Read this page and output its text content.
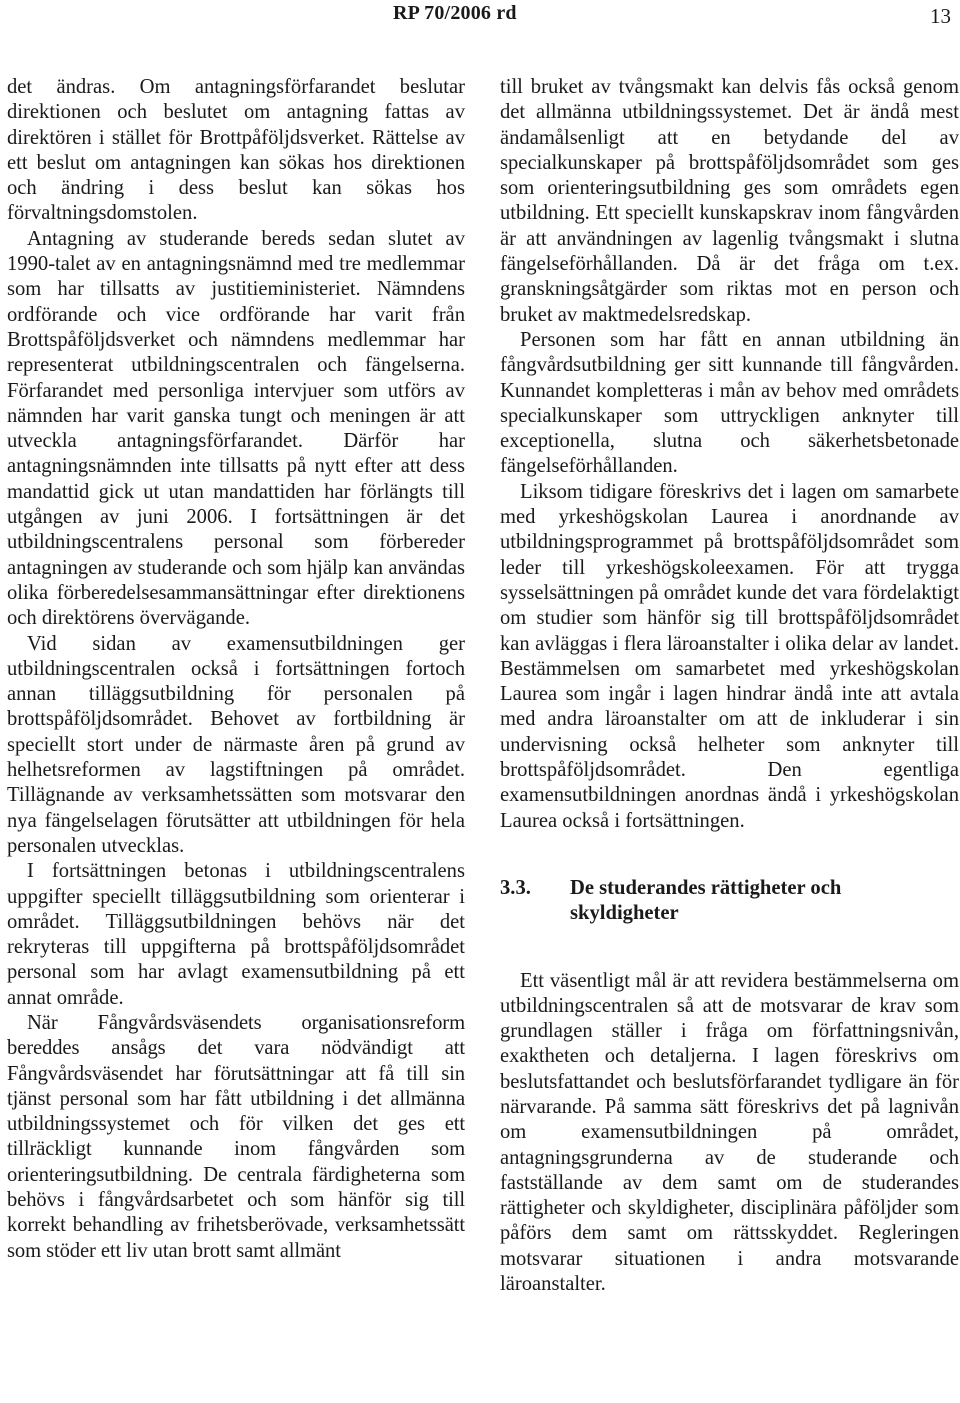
RP 70/2006 rd	13

det ändras. Om antagningsförfarandet beslutar direktionen och beslutet om antagning fattas av direktören i stället för Brottpåföljdsverket. Rättelse av ett beslut om antagningen kan sökas hos direktionen och ändring i dess beslut kan sökas hos förvaltningsdomstolen.

Antagning av studerande bereds sedan slutet av 1990-talet av en antagningsnämnd med tre medlemmar som har tillsatts av justitieministeriet. Nämndens ordförande och vice ordförande har varit från Brottspåföljdsverket och nämndens medlemmar har representerat utbildningscentralen och fängelserna. Förfarandet med personliga intervjuer som utförs av nämnden har varit ganska tungt och meningen är att utveckla antagningsförfarandet. Därför har antagningsnämnden inte tillsatts på nytt efter att dess mandattid gick ut utan mandattiden har förlängts till utgången av juni 2006. I fortsättningen är det utbildningscentralens personal som förbereder antagningen av studerande och som hjälp kan användas olika förberedelsesammansättningar efter direktionens och direktörens övervägande.

Vid sidan av examensutbildningen ger utbildningscentralen också i fortsättningen fortoch annan tilläggsutbildning för personalen på brottspåföljdsområdet. Behovet av fortbildning är speciellt stort under de närmaste åren på grund av helhetsreformen av lagstiftningen på området. Tillägnande av verksamhetssätten som motsvarar den nya fängelselagen förutsätter att utbildningen för hela personalen utvecklas.

I fortsättningen betonas i utbildningscentralens uppgifter speciellt tilläggsutbildning som orienterar i området. Tilläggsutbildningen behövs när det rekryteras till uppgifterna på brottspåföljdsområdet personal som har avlagt examensutbildning på ett annat område.

När Fångvårdsväsendets organisationsreform bereddes ansågs det vara nödvändigt att Fångvårdsväsendet har förutsättningar att få till sin tjänst personal som har fått utbildning i det allmänna utbildningssystemet och för vilken det ges ett tillräckligt kunnande inom fångvården som orienteringsutbildning. De centrala färdigheterna som behövs i fångvårdsarbetet och som hänför sig till korrekt behandling av frihetsberövade, verksamhetssätt som stöder ett liv utan brott samt allmänt

till bruket av tvångsmakt kan delvis fås också genom det allmänna utbildningssystemet. Det är ändå mest ändamålsenligt att en betydande del av specialkunskaper på brottspåföljdsområdet som ges som orienteringsutbildning ges som områdets egen utbildning. Ett speciellt kunskapskrav inom fångvården är att användningen av lagenlig tvångsmakt i slutna fängelseförhållanden. Då är det fråga om t.ex. granskningsåtgärder som riktas mot en person och bruket av maktmedelsredskap.

Personen som har fått en annan utbildning än fångvårdsutbildning ger sitt kunnande till fångvården. Kunnandet kompletteras i mån av behov med områdets specialkunskaper som uttryckligen anknyter till exceptionella, slutna och säkerhetsbetonade fängelseförhållanden.

Liksom tidigare föreskrivs det i lagen om samarbete med yrkeshögskolan Laurea i anordnande av utbildningsprogrammet på brottspåföljdsområdet som leder till yrkeshögskoleexamen. För att trygga sysselsättningen på området kunde det vara fördelaktigt om studier som hänför sig till brottspåföljdsområdet kan avläggas i flera läroanstalter i olika delar av landet. Bestämmelsen om samarbetet med yrkeshögskolan Laurea som ingår i lagen hindrar ändå inte att avtala med andra läroanstalter om att de inkluderar i sin undervisning också helheter som anknyter till brottspåföljdsområdet. Den egentliga examensutbildningen anordnas ändå i yrkeshögskolan Laurea också i fortsättningen.

3.3.	De studerandes rättigheter och skyldigheter

Ett väsentligt mål är att revidera bestämmelserna om utbildningscentralen så att de motsvarar de krav som grundlagen ställer i fråga om författningsnivån, exaktheten och detaljerna. I lagen föreskrivs om beslutsfattandet och beslutsförfarandet tydligare än för närvarande. På samma sätt föreskrivs det på lagnivån om examensutbildningen på området, antagningsgrunderna av de studerande och fastställande av dem samt om de studerandes rättigheter och skyldigheter, disciplinära påföljder som påförs dem samt om rättsskyddet. Regleringen motsvarar situationen i andra motsvarande läroanstalter.
